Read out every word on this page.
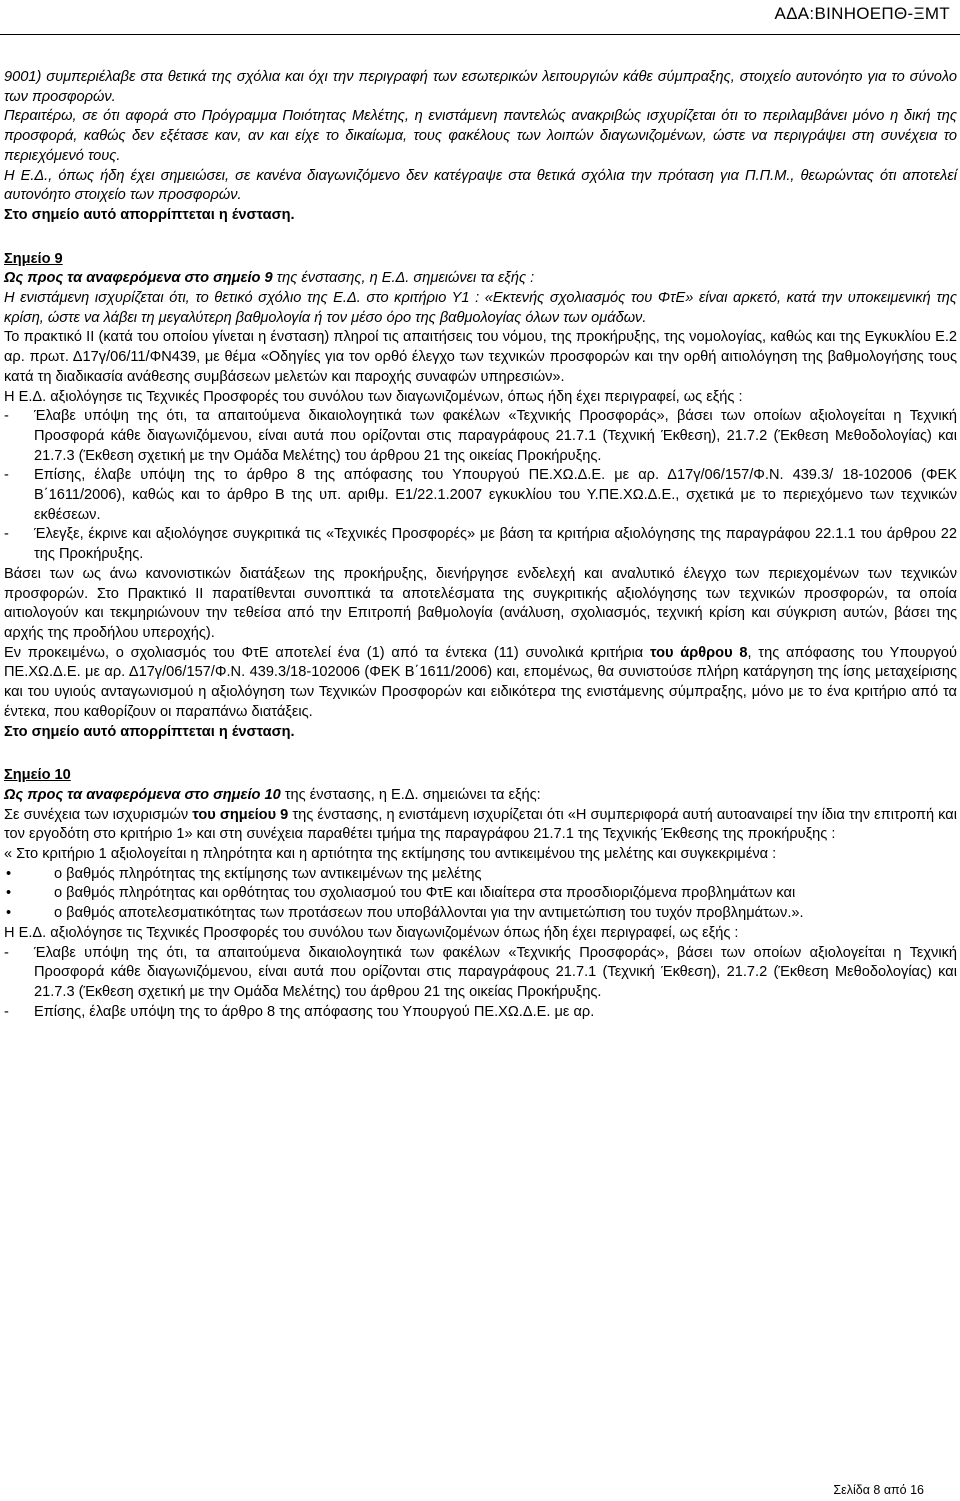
ΑΔΑ:ΒΙΝΗΟΕΠΘ-ΞΜΤ

9001) συμπεριέλαβε στα θετικά της σχόλια και όχι την περιγραφή των εσωτερικών λειτουργιών κάθε σύμπραξης, στοιχείο αυτονόητο για το σύνολο των προσφορών.

Περαιτέρω, σε ότι αφορά στο Πρόγραμμα Ποιότητας Μελέτης, η ενιστάμενη παντελώς ανακριβώς ισχυρίζεται ότι το περιλαμβάνει μόνο η δική της προσφορά, καθώς δεν εξέτασε καν, αν και είχε το δικαίωμα, τους φακέλους των λοιπών διαγωνιζομένων, ώστε να περιγράψει στη συνέχεια το περιεχόμενό τους.

Η Ε.Δ., όπως ήδη έχει σημειώσει, σε κανένα διαγωνιζόμενο δεν κατέγραψε στα θετικά σχόλια την πρόταση για Π.Π.Μ., θεωρώντας ότι αποτελεί αυτονόητο στοιχείο των προσφορών.

Στο σημείο αυτό απορρίπτεται η ένσταση.

Σημείο 9

Ως προς τα αναφερόμενα στο σημείο 9 της ένστασης, η Ε.Δ. σημειώνει τα εξής :

Η ενιστάμενη ισχυρίζεται ότι, το θετικό σχόλιο της Ε.Δ. στο κριτήριο Υ1 : «Εκτενής σχολιασμός του ΦτΕ» είναι αρκετό, κατά την υποκειμενική της κρίση, ώστε να λάβει τη μεγαλύτερη βαθμολογία ή τον μέσο όρο της βαθμολογίας όλων των ομάδων.

Το πρακτικό ΙΙ (κατά του οποίου γίνεται η ένσταση) πληροί τις απαιτήσεις του νόμου, της προκήρυξης, της νομολογίας, καθώς και της Εγκυκλίου Ε.2 αρ. πρωτ. Δ17γ/06/11/ΦΝ439, με θέμα «Οδηγίες για τον ορθό έλεγχο των τεχνικών προσφορών και την ορθή αιτιολόγηση της βαθμολογήσης τους κατά τη διαδικασία ανάθεσης συμβάσεων μελετών και παροχής συναφών υπηρεσιών».

Η Ε.Δ. αξιολόγησε τις Τεχνικές Προσφορές του συνόλου των διαγωνιζομένων, όπως ήδη έχει περιγραφεί, ως εξής :

-	Έλαβε υπόψη της ότι, τα απαιτούμενα δικαιολογητικά των φακέλων «Τεχνικής Προσφοράς», βάσει των οποίων αξιολογείται η Τεχνική Προσφορά κάθε διαγωνιζόμενου, είναι αυτά που ορίζονται στις παραγράφους 21.7.1 (Τεχνική Έκθεση), 21.7.2 (Έκθεση Μεθοδολογίας) και 21.7.3 (Έκθεση σχετική με την Ομάδα Μελέτης) του άρθρου 21 της οικείας Προκήρυξης.
-	Επίσης, έλαβε υπόψη της το άρθρο 8 της απόφασης του Υπουργού ΠΕ.ΧΩ.Δ.Ε. με αρ. Δ17γ/06/157/Φ.Ν. 439.3/ 18-102006 (ΦΕΚ Β΄1611/2006), καθώς και το άρθρο Β της υπ. αριθμ. Ε1/22.1.2007 εγκυκλίου του Υ.ΠΕ.ΧΩ.Δ.Ε., σχετικά με το περιεχόμενο των τεχνικών εκθέσεων.
-	Έλεγξε, έκρινε και αξιολόγησε συγκριτικά τις «Τεχνικές Προσφορές» με βάση τα κριτήρια αξιολόγησης της παραγράφου 22.1.1 του άρθρου 22 της Προκήρυξης.

Βάσει των ως άνω κανονιστικών διατάξεων της προκήρυξης, διενήργησε ενδελεχή και αναλυτικό έλεγχο των περιεχομένων των τεχνικών προσφορών. Στο Πρακτικό ΙΙ παρατίθενται συνοπτικά τα αποτελέσματα της συγκριτικής αξιολόγησης των τεχνικών προσφορών, τα οποία αιτιολογούν και τεκμηριώνουν την τεθείσα από την Επιτροπή βαθμολογία (ανάλυση, σχολιασμός, τεχνική κρίση και σύγκριση αυτών, βάσει της αρχής της προδήλου υπεροχής).

Εν προκειμένω, ο σχολιασμός του ΦτΕ αποτελεί ένα (1) από τα έντεκα (11) συνολικά κριτήρια του άρθρου 8, της απόφασης του Υπουργού ΠΕ.ΧΩ.Δ.Ε. με αρ. Δ17γ/06/157/Φ.Ν. 439.3/18-102006 (ΦΕΚ Β΄1611/2006) και, επομένως, θα συνιστούσε πλήρη κατάργηση της ίσης μεταχείρισης και του υγιούς ανταγωνισμού η αξιολόγηση των Τεχνικών Προσφορών και ειδικότερα της ενιστάμενης σύμπραξης, μόνο με το ένα κριτήριο από τα έντεκα, που καθορίζουν οι παραπάνω διατάξεις.

Στο σημείο αυτό απορρίπτεται η ένσταση.

Σημείο 10

Ως προς τα αναφερόμενα στο σημείο 10 της ένστασης, η Ε.Δ. σημειώνει τα εξής:

Σε συνέχεια των ισχυρισμών του σημείου 9 της ένστασης, η ενιστάμενη ισχυρίζεται ότι «Η συμπεριφορά αυτή αυτοαναιρεί την ίδια την επιτροπή και τον εργοδότη στο κριτήριο 1» και στη συνέχεια παραθέτει τμήμα της παραγράφου 21.7.1 της Τεχνικής Έκθεσης της προκήρυξης :

« Στο κριτήριο 1 αξιολογείται η πληρότητα και η αρτιότητα της εκτίμησης του αντικειμένου της μελέτης και συγκεκριμένα :

•	ο βαθμός πληρότητας της εκτίμησης των αντικειμένων της μελέτης
•	ο βαθμός πληρότητας και ορθότητας του σχολιασμού του ΦτΕ και ιδιαίτερα στα προσδιοριζόμενα προβλημάτων και
•	ο βαθμός αποτελεσματικότητας των προτάσεων που υποβάλλονται για την αντιμετώπιση του τυχόν προβλημάτων.».

Η Ε.Δ. αξιολόγησε τις Τεχνικές Προσφορές του συνόλου των διαγωνιζομένων όπως ήδη έχει περιγραφεί, ως εξής :

-	Έλαβε υπόψη της ότι, τα απαιτούμενα δικαιολογητικά των φακέλων «Τεχνικής Προσφοράς», βάσει των οποίων αξιολογείται η Τεχνική Προσφορά κάθε διαγωνιζόμενου, είναι αυτά που ορίζονται στις παραγράφους 21.7.1 (Τεχνική Έκθεση), 21.7.2 (Έκθεση Μεθοδολογίας) και 21.7.3 (Έκθεση σχετική με την Ομάδα Μελέτης) του άρθρου 21 της οικείας Προκήρυξης.
-	Επίσης, έλαβε υπόψη της το άρθρο 8 της απόφασης του Υπουργού ΠΕ.ΧΩ.Δ.Ε. με αρ.
Σελίδα 8 από 16
